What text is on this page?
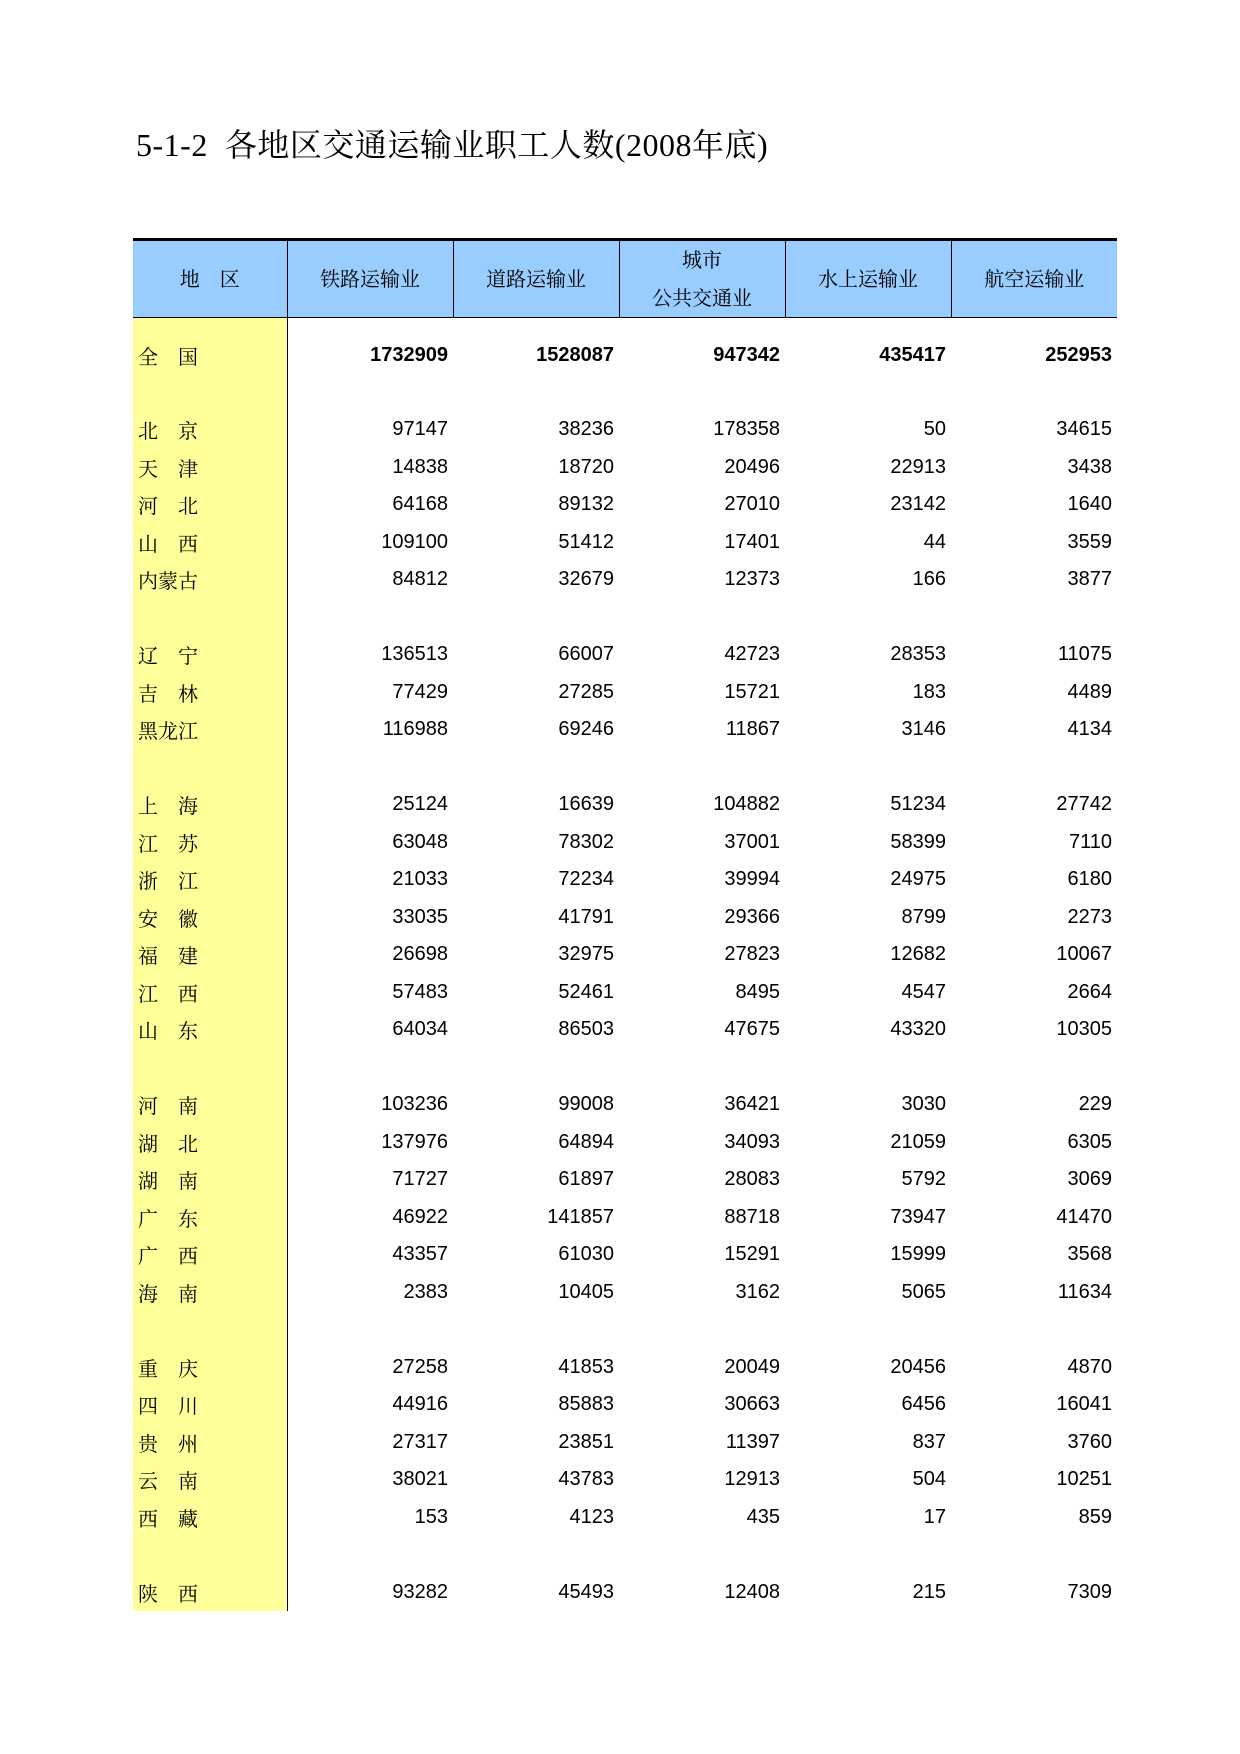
5-1-2  各地区交通运输业职工人数(2008年底)
地　区	铁路运输业	道路运输业	城市
公共交通业	水上运输业	航空运输业

全　国	1732909	1528087	947342	435417	252953

北　京	97147	38236	178358	50	34615
天　津	14838	18720	20496	22913	3438
河　北	64168	89132	27010	23142	1640
山　西	109100	51412	17401	44	3559
内蒙古	84812	32679	12373	166	3877

辽　宁	136513	66007	42723	28353	11075
吉　林	77429	27285	15721	183	4489
黑龙江	116988	69246	11867	3146	4134

上　海	25124	16639	104882	51234	27742
江　苏	63048	78302	37001	58399	7110
浙　江	21033	72234	39994	24975	6180
安　徽	33035	41791	29366	8799	2273
福　建	26698	32975	27823	12682	10067
江　西	57483	52461	8495	4547	2664
山　东	64034	86503	47675	43320	10305

河　南	103236	99008	36421	3030	229
湖　北	137976	64894	34093	21059	6305
湖　南	71727	61897	28083	5792	3069
广　东	46922	141857	88718	73947	41470
广　西	43357	61030	15291	15999	3568
海　南	2383	10405	3162	5065	11634

重　庆	27258	41853	20049	20456	4870
四　川	44916	85883	30663	6456	16041
贵　州	27317	23851	11397	837	3760
云　南	38021	43783	12913	504	10251
西　藏	153	4123	435	17	859

陕　西	93282	45493	12408	215	7309
